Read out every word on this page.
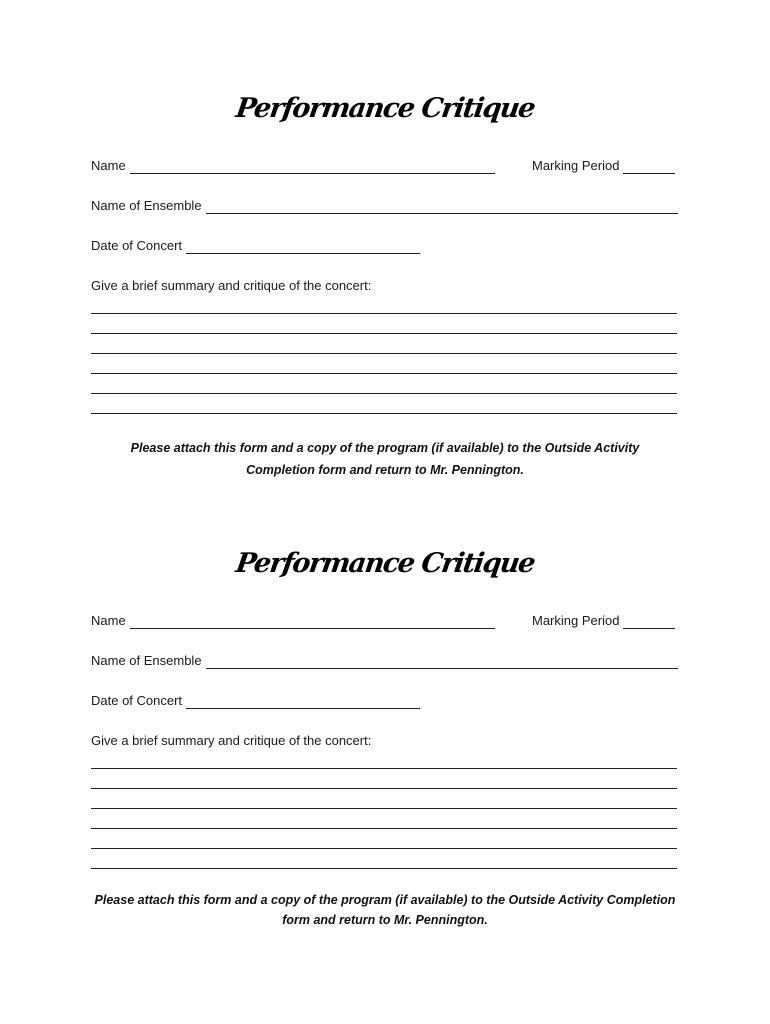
Performance Critique
Name	Marking Period
Name of Ensemble
Date of Concert
Give a brief summary and critique of the concert:
Please attach this form and a copy of the program (if available) to the Outside Activity
Completion form and return to Mr. Pennington.
Performance Critique
Name	Marking Period
Name of Ensemble
Date of Concert
Give a brief summary and critique of the concert:
Please attach this form and a copy of the program (if available) to the Outside Activity Completion
form and return to Mr. Pennington.
